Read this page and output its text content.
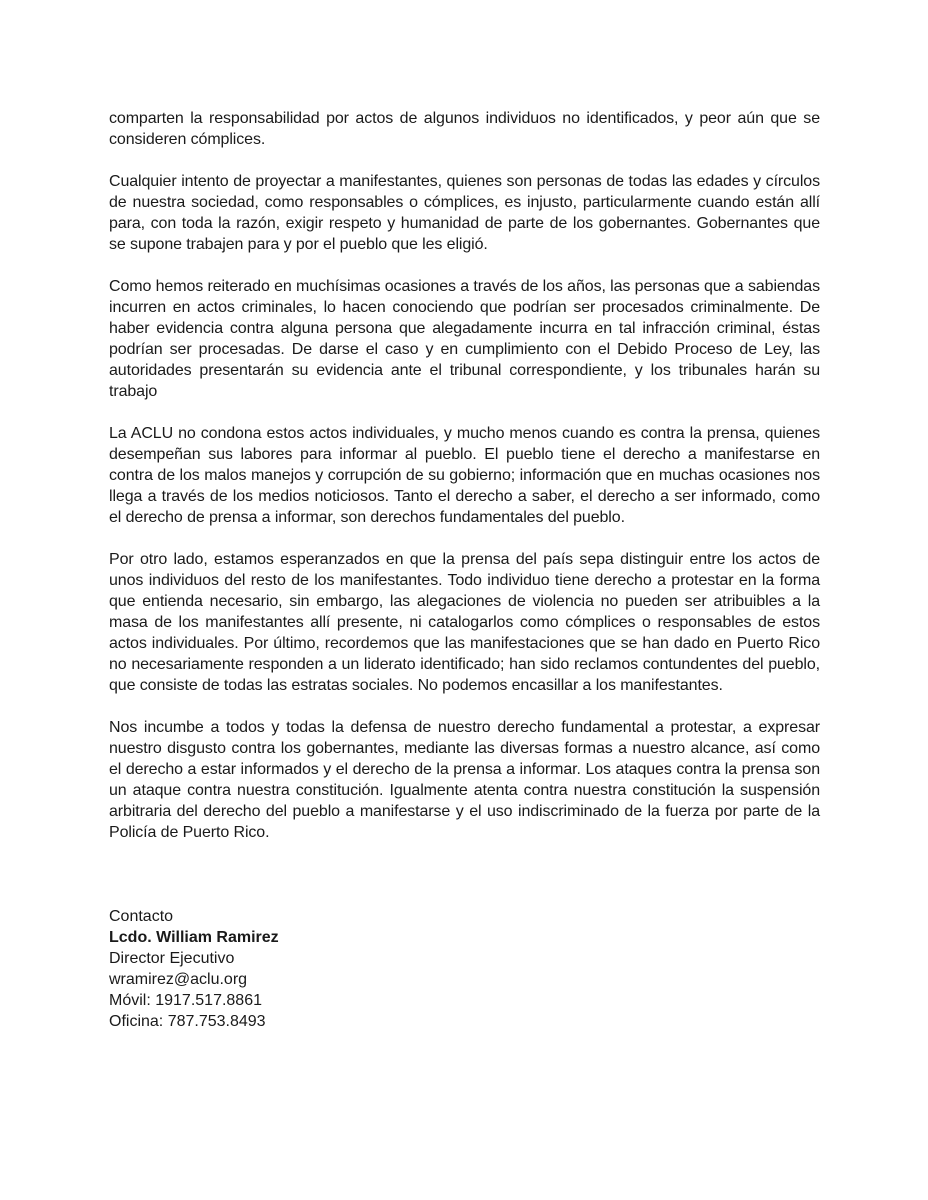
comparten la responsabilidad por actos de algunos individuos no identificados, y peor aún que se consideren cómplices.

Cualquier intento de proyectar a manifestantes, quienes son personas de todas las edades y círculos de nuestra sociedad, como responsables o cómplices, es injusto, particularmente cuando están allí para, con toda la razón, exigir respeto y humanidad de parte de los gobernantes. Gobernantes que se supone trabajen para y por el pueblo que les eligió.

Como hemos reiterado en muchísimas ocasiones a través de los años, las personas que a sabiendas incurren en actos criminales, lo hacen conociendo que podrían ser procesados criminalmente. De haber evidencia contra alguna persona que alegadamente incurra en tal infracción criminal, éstas podrían ser procesadas. De darse el caso y en cumplimiento con el Debido Proceso de Ley, las autoridades presentarán su evidencia ante el tribunal correspondiente, y los tribunales harán su trabajo

La ACLU no condona estos actos individuales, y mucho menos cuando es contra la prensa, quienes desempeñan sus labores para informar al pueblo. El pueblo tiene el derecho a manifestarse en contra de los malos manejos y corrupción de su gobierno; información que en muchas ocasiones nos llega a través de los medios noticiosos. Tanto el derecho a saber, el derecho a ser informado, como el derecho de prensa a informar, son derechos fundamentales del pueblo.

Por otro lado, estamos esperanzados en que la prensa del país sepa distinguir entre los actos de unos individuos del resto de los manifestantes. Todo individuo tiene derecho a protestar en la forma que entienda necesario, sin embargo, las alegaciones de violencia no pueden ser atribuibles a la masa de los manifestantes allí presente, ni catalogarlos como cómplices o responsables de estos actos individuales. Por último, recordemos que las manifestaciones que se han dado en Puerto Rico no necesariamente responden a un liderato identificado; han sido reclamos contundentes del pueblo, que consiste de todas las estratas sociales. No podemos encasillar a los manifestantes.

Nos incumbe a todos y todas la defensa de nuestro derecho fundamental a protestar, a expresar nuestro disgusto contra los gobernantes, mediante las diversas formas a nuestro alcance, así como el derecho a estar informados y el derecho de la prensa a informar. Los ataques contra la prensa son un ataque contra nuestra constitución. Igualmente atenta contra nuestra constitución la suspensión arbitraria del derecho del pueblo a manifestarse y el uso indiscriminado de la fuerza por parte de la Policía de Puerto Rico.

Contacto
Lcdo. William Ramirez
Director Ejecutivo
wramirez@aclu.org
Móvil: 1917.517.8861
Oficina: 787.753.8493
